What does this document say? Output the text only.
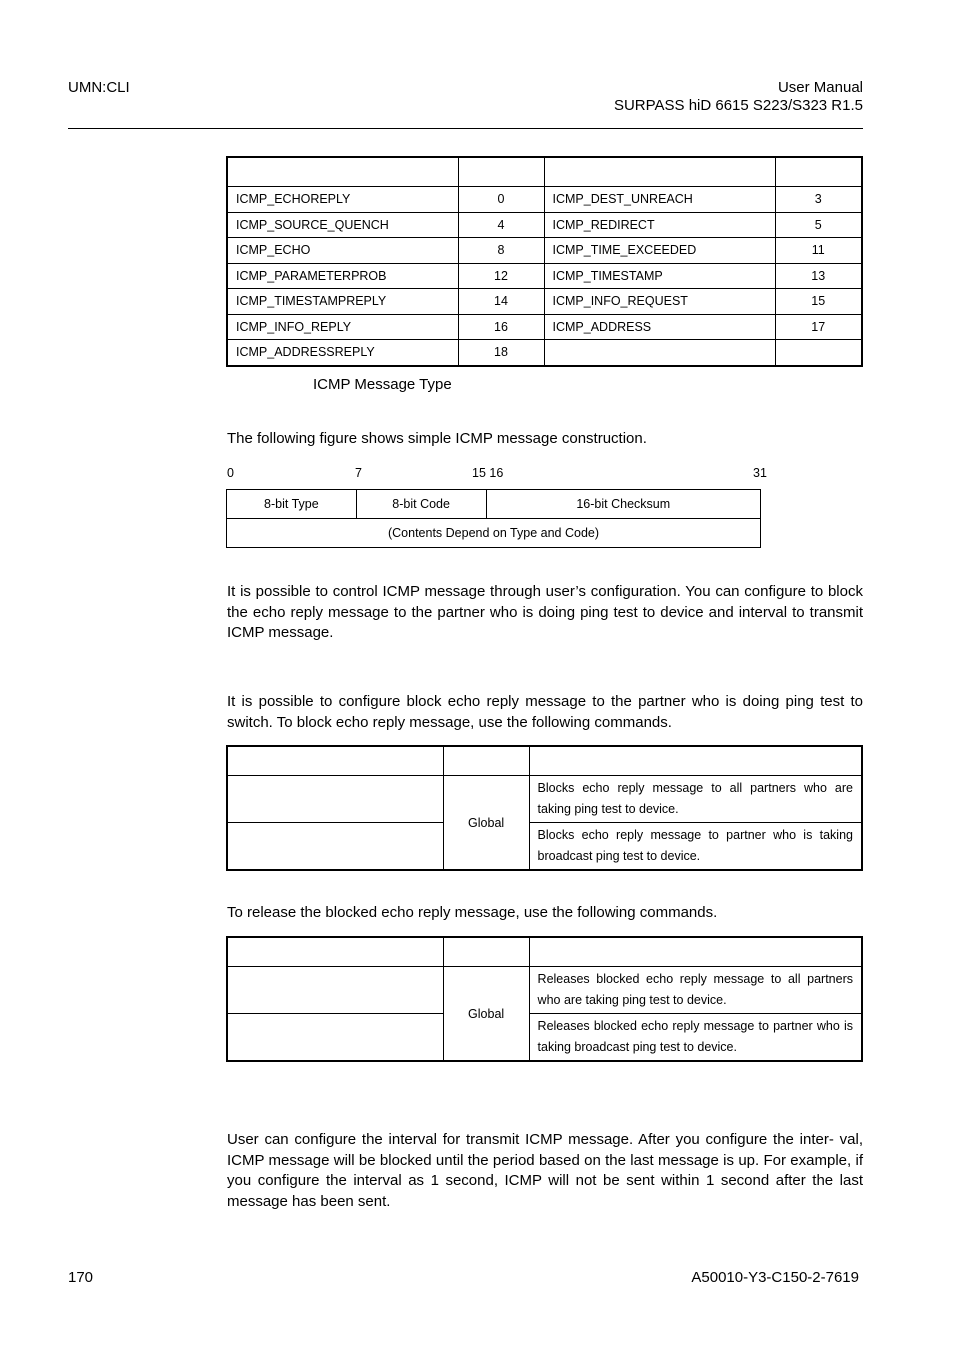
UMN:CLI	User Manual
SURPASS hiD 6615 S223/S323 R1.5

ICMP_ECHOREPLY	0	ICMP_DEST_UNREACH	3
ICMP_SOURCE_QUENCH	4	ICMP_REDIRECT	5
ICMP_ECHO	8	ICMP_TIME_EXCEEDED	11
ICMP_PARAMETERPROB	12	ICMP_TIMESTAMP	13
ICMP_TIMESTAMPREPLY	14	ICMP_INFO_REQUEST	15
ICMP_INFO_REPLY	16	ICMP_ADDRESS	17
ICMP_ADDRESSREPLY	18		
ICMP Message Type
The following figure shows simple ICMP message construction.
0	7	15 16	31
8-bit Type	8-bit Code	16-bit Checksum
(Contents Depend on Type and Code)
It is possible to control ICMP message through user’s configuration. You can configure to block the echo reply message to the partner who is doing ping test to device and interval to transmit ICMP message.
It is possible to configure block echo reply message to the partner who is doing ping test to switch. To block echo reply message, use the following commands.

	Global	Blocks echo reply message to all partners who are taking ping test to device.
		Blocks echo reply message to partner who is taking broadcast ping test to device.
To release the blocked echo reply message, use the following commands.

	Global	Releases blocked echo reply message to all partners who are taking ping test to device.
		Releases blocked echo reply message to partner who is taking broadcast ping test to device.
User can configure the interval for transmit ICMP message. After you configure the inter- val, ICMP message will be blocked until the period based on the last message is up. For example, if you configure the interval as 1 second, ICMP will not be sent within 1 second after the last message has been sent.
170	A50010-Y3-C150-2-7619
